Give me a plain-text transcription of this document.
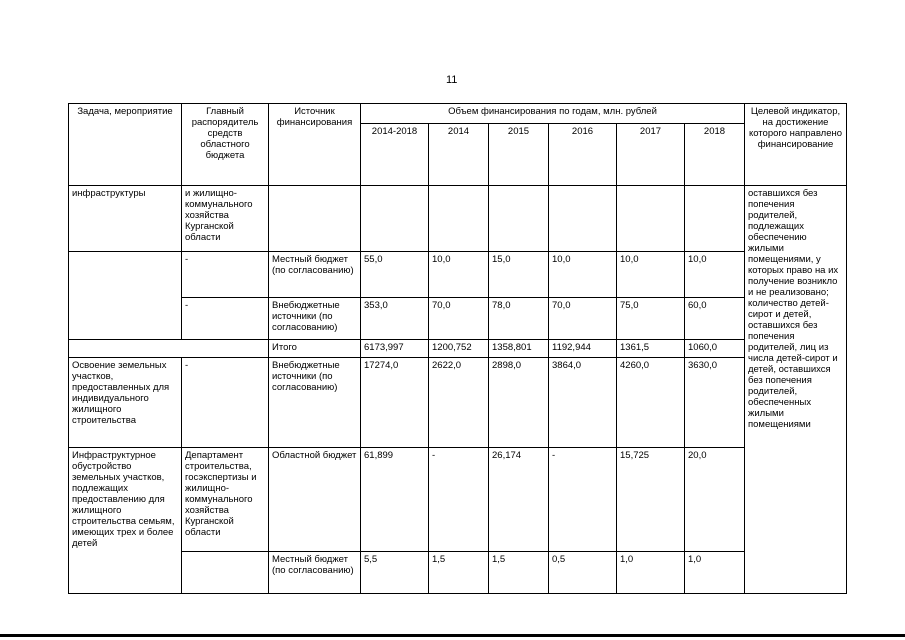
11
Задача, мероприятие	Главный распорядитель средств областного бюджета	Источник финансирования	Объем финансирования по годам, млн. рублей						Целевой индикатор, на достижение которого направлено финансирование
			2014-2018	2014	2015	2016	2017	2018	
инфраструктуры	и жилищно-коммунального хозяйства Курганской области								оставшихся без попечения родителей, подлежащих обеспечению жилыми помещениями, у которых право на их получение возникло и не реализовано; количество детей-сирот и детей, оставшихся без попечения родителей, лиц из числа детей-сирот и детей, оставшихся без попечения родителей, обеспеченных жилыми помещениями
	-	Местный бюджет (по согласованию)	55,0	10,0	15,0	10,0	10,0	10,0	
	-	Внебюджетные источники (по согласованию)	353,0	70,0	78,0	70,0	75,0	60,0	
		Итого	6173,997	1200,752	1358,801	1192,944	1361,5	1060,0	
Освоение земельных участков, предоставленных для индивидуального жилищного строительства	-	Внебюджетные источники (по согласованию)	17274,0	2622,0	2898,0	3864,0	4260,0	3630,0	
Инфраструктурное обустройство земельных участков, подлежащих предоставлению для жилищного строительства семьям, имеющих трех и более детей	Департамент строительства, госэкспертизы и жилищно-коммунального хозяйства Курганской области	Областной бюджет	61,899	-	26,174	-	15,725	20,0	
		Местный бюджет (по согласованию)	5,5	1,5	1,5	0,5	1,0	1,0	
